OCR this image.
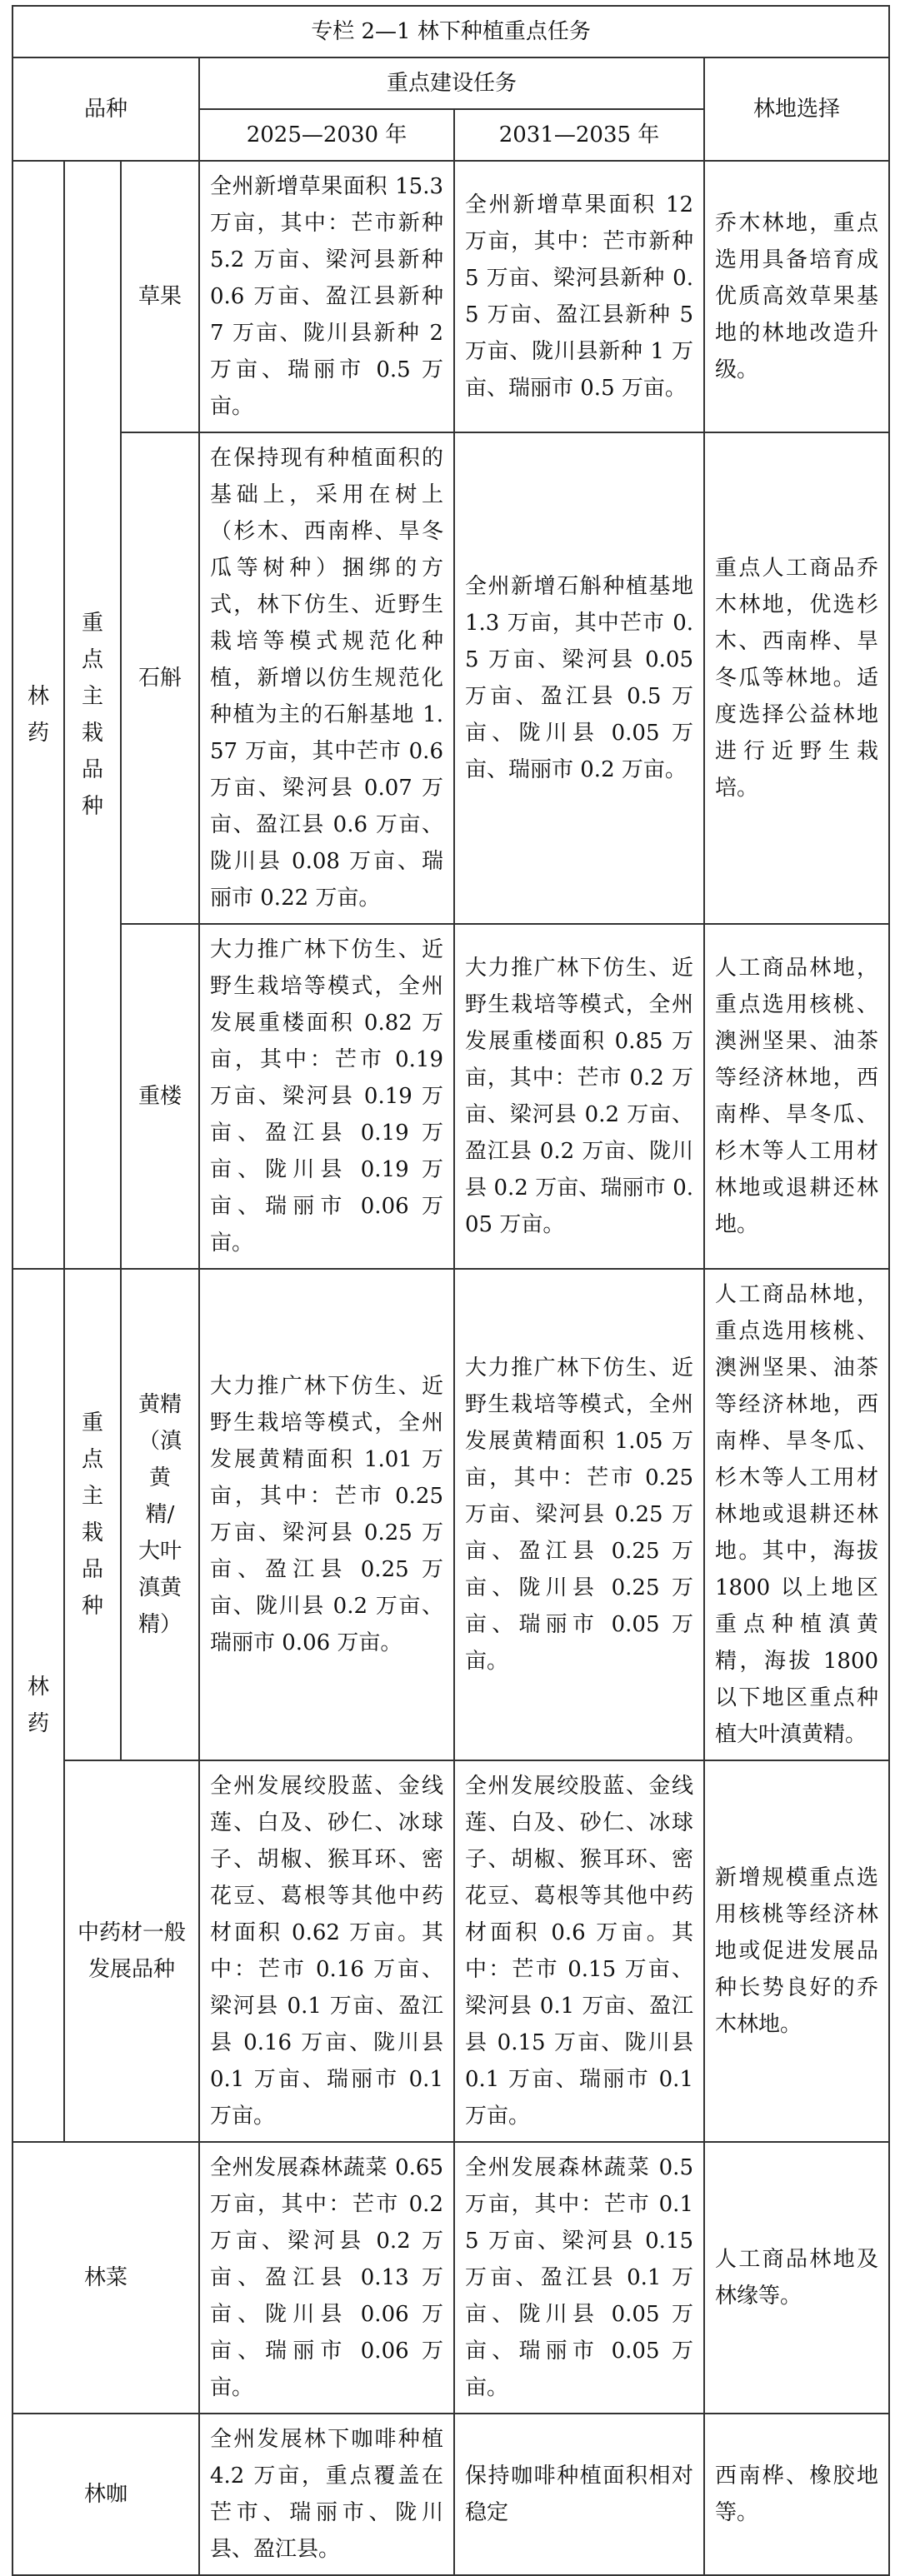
专栏 2—1 林下种植重点任务					
品种			重点建设任务		林地选择
			2025—2030 年	2031—2035 年	

林药	重点主栽品种	草果	全州新增草果面积 15.3 万亩，其中：芒市新种 5.2 万亩、梁河县新种 0.6 万亩、盈江县新种 7 万亩、陇川县新种 2 万亩、瑞丽市 0.5 万亩。	全州新增草果面积 12 万亩，其中：芒市新种 5 万亩、梁河县新种 0.5 万亩、盈江县新种 5 万亩、陇川县新种 1 万亩、瑞丽市 0.5 万亩。	乔木林地，重点选用具备培育成优质高效草果基地的林地改造升级。
		石斛	在保持现有种植面积的基础上，采用在树上（杉木、西南桦、旱冬瓜等树种）捆绑的方式，林下仿生、近野生栽培等模式规范化种植，新增以仿生规范化种植为主的石斛基地 1.57 万亩，其中芒市 0.6 万亩、梁河县 0.07 万亩、盈江县 0.6 万亩、陇川县 0.08 万亩、瑞丽市 0.22 万亩。	全州新增石斛种植基地 1.3 万亩，其中芒市 0.5 万亩、梁河县 0.05 万亩、盈江县 0.5 万亩、陇川县 0.05 万亩、瑞丽市 0.2 万亩。	重点人工商品乔木林地，优选杉木、西南桦、旱冬瓜等林地。适度选择公益林地进行近野生栽培。
		重楼	大力推广林下仿生、近野生栽培等模式，全州发展重楼面积 0.82 万亩，其中：芒市 0.19 万亩、梁河县 0.19 万亩、盈江县 0.19 万亩、陇川县 0.19 万亩、瑞丽市 0.06 万亩。	大力推广林下仿生、近野生栽培等模式，全州发展重楼面积 0.85 万亩，其中：芒市 0.2 万亩、梁河县 0.2 万亩、盈江县 0.2 万亩、陇川县 0.2 万亩、瑞丽市 0.05 万亩。	人工商品林地，重点选用核桃、澳洲坚果、油茶等经济林地，西南桦、旱冬瓜、杉木等人工用材林地或退耕还林地。

林药	重点主栽品种	黄精（滇黄精/大叶滇黄精）	大力推广林下仿生、近野生栽培等模式，全州发展黄精面积 1.01 万亩，其中：芒市 0.25 万亩、梁河县 0.25 万亩、盈江县 0.25 万亩、陇川县 0.2 万亩、瑞丽市 0.06 万亩。	大力推广林下仿生、近野生栽培等模式，全州发展黄精面积 1.05 万亩，其中：芒市 0.25 万亩、梁河县 0.25 万亩、盈江县 0.25 万亩、陇川县 0.25 万亩、瑞丽市 0.05 万亩。	人工商品林地，重点选用核桃、澳洲坚果、油茶等经济林地，西南桦、旱冬瓜、杉木等人工用材林地或退耕还林地。其中，海拔 1800 以上地区重点种植滇黄精，海拔 1800 以下地区重点种植大叶滇黄精。
	中药材一般发展品种		全州发展绞股蓝、金线莲、白及、砂仁、冰球子、胡椒、猴耳环、密花豆、葛根等其他中药材面积 0.62 万亩。其中：芒市 0.16 万亩、梁河县 0.1 万亩、盈江县 0.16 万亩、陇川县 0.1 万亩、瑞丽市 0.1 万亩。	全州发展绞股蓝、金线莲、白及、砂仁、冰球子、胡椒、猴耳环、密花豆、葛根等其他中药材面积 0.6 万亩。其中：芒市 0.15 万亩、梁河县 0.1 万亩、盈江县 0.15 万亩、陇川县 0.1 万亩、瑞丽市 0.1 万亩。	新增规模重点选用核桃等经济林地或促进发展品种长势良好的乔木林地。
林菜			全州发展森林蔬菜 0.65 万亩，其中：芒市 0.2 万亩、梁河县 0.2 万亩、盈江县 0.13 万亩、陇川县 0.06 万亩、瑞丽市 0.06 万亩。	全州发展森林蔬菜 0.5 万亩，其中：芒市 0.15 万亩、梁河县 0.15 万亩、盈江县 0.1 万亩、陇川县 0.05 万亩、瑞丽市 0.05 万亩。	人工商品林地及林缘等。
林咖			全州发展林下咖啡种植 4.2 万亩，重点覆盖在芒市、瑞丽市、陇川县、盈江县。	保持咖啡种植面积相对稳定	西南桦、橡胶地等。
